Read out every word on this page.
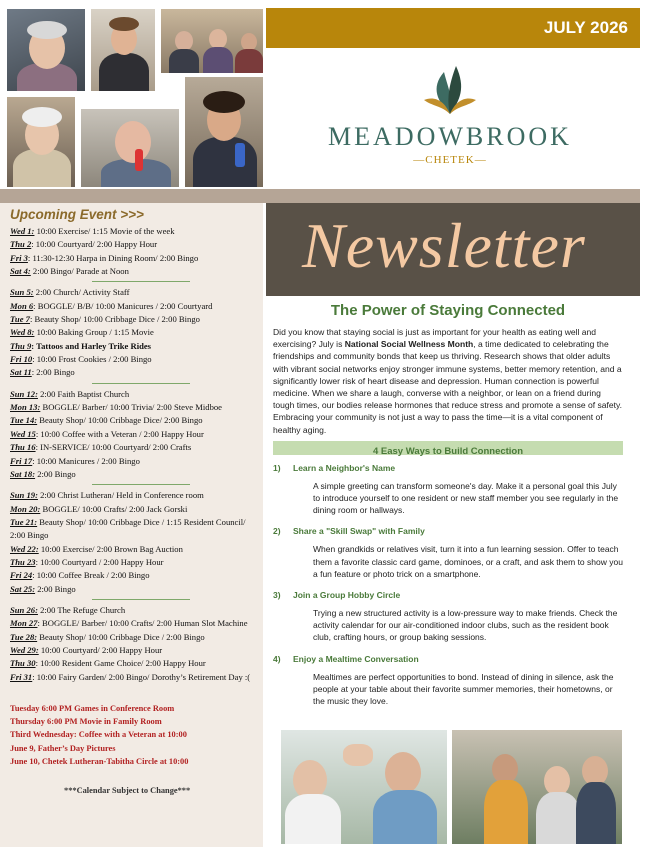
JULY 2026
MEADOWBROOK
—CHETEK—
Upcoming Event >>>
Wed 1: 10:00 Exercise/ 1:15 Movie of the week
Thu 2: 10:00 Courtyard/ 2:00 Happy Hour
Fri 3: 11:30-12:30 Harpa in Dining Room/ 2:00 Bingo
Sat 4: 2:00 Bingo/ Parade at Noon
Sun 5: 2:00 Church/ Activity Staff
Mon 6: BOGGLE/ B/B/ 10:00 Manicures / 2:00 Courtyard
Tue 7: Beauty Shop/ 10:00 Cribbage Dice / 2:00 Bingo
Wed 8: 10:00 Baking Group / 1:15 Movie
Thu 9: Tattoos and Harley Trike Rides
Fri 10: 10:00 Frost Cookies / 2:00 Bingo
Sat 11: 2:00 Bingo
Sun 12: 2:00 Faith Baptist Church
Mon 13: BOGGLE/ Barber/ 10:00 Trivia/ 2:00 Steve Midboe
Tue 14: Beauty Shop/ 10:00 Cribbage Dice/ 2:00 Bingo
Wed 15: 10:00 Coffee with a Veteran / 2:00 Happy Hour
Thu 16: IN-SERVICE/ 10:00 Courtyard/ 2:00 Crafts
Fri 17: 10:00 Manicures / 2:00 Bingo
Sat 18: 2:00 Bingo
Sun 19: 2:00 Christ Lutheran/ Held in Conference room
Mon 20: BOGGLE/ 10:00 Crafts/ 2:00 Jack Gorski
Tue 21: Beauty Shop/ 10:00 Cribbage Dice / 1:15 Resident Council/ 2:00 Bingo
Wed 22: 10:00 Exercise/ 2:00 Brown Bag Auction
Thu 23: 10:00 Courtyard / 2:00 Happy Hour
Fri 24: 10:00 Coffee Break / 2:00 Bingo
Sat 25: 2:00 Bingo
Sun 26: 2:00 The Refuge Church
Mon 27: BOGGLE/ Barber/ 10:00 Crafts/ 2:00 Human Slot Machine
Tue 28: Beauty Shop/ 10:00 Cribbage Dice / 2:00 Bingo
Wed 29: 10:00 Courtyard/ 2:00 Happy Hour
Thu 30: 10:00 Resident Game Choice/ 2:00 Happy Hour
Fri 31: 10:00 Fairy Garden/ 2:00 Bingo/ Dorothy’s Retirement Day :(
Tuesday 6:00 PM Games in Conference Room
Thursday 6:00 PM Movie in Family Room
Third Wednesday: Coffee with a Veteran at 10:00
June 9, Father’s Day Pictures
June 10, Chetek Lutheran-Tabitha Circle at 10:00
***Calendar Subject to Change***
Newsletter
The Power of Staying Connected

Did you know that staying social is just as important for your health as eating well and exercising? July is National Social Wellness Month, a time dedicated to celebrating the friendships and community bonds that keep us thriving. Research shows that older adults with vibrant social networks enjoy stronger immune systems, better memory retention, and a significantly lower risk of heart disease and depression. Human connection is powerful medicine. When we share a laugh, converse with a neighbor, or lean on a friend during tough times, our bodies release hormones that reduce stress and promote a sense of safety. Embracing your community is not just a way to pass the time—it is a vital component of healthy aging.

4 Easy Ways to Build Connection
1) Learn a Neighbor's Name
A simple greeting can transform someone's day. Make it a personal goal this July to introduce yourself to one resident or new staff member you see regularly in the dining room or hallways.
2) Share a "Skill Swap" with Family
When grandkids or relatives visit, turn it into a fun learning session. Offer to teach them a favorite classic card game, dominoes, or a craft, and ask them to show you a fun feature or photo trick on a smartphone.
3) Join a Group Hobby Circle
Trying a new structured activity is a low-pressure way to make friends. Check the activity calendar for our air-conditioned indoor clubs, such as the resident book club, crafting hours, or group baking sessions.
4) Enjoy a Mealtime Conversation
Mealtimes are perfect opportunities to bond. Instead of dining in silence, ask the people at your table about their favorite summer memories, their hometowns, or the music they love.
